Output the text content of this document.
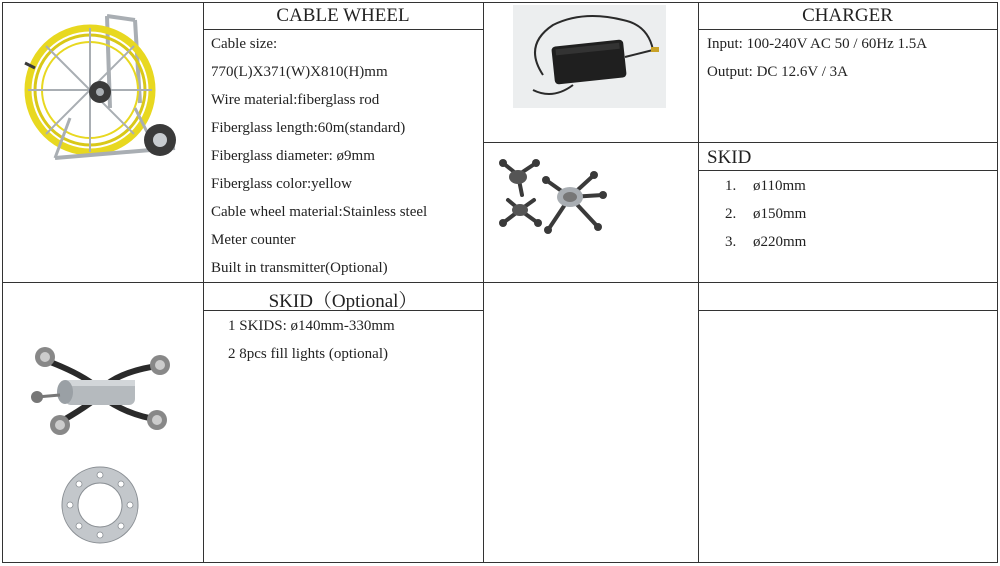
CABLE WHEEL
Cable size:
770(L)X371(W)X810(H)mm
Wire material:fiberglass rod
Fiberglass length:60m(standard)
Fiberglass diameter: ø9mm
Fiberglass color:yellow
Cable wheel material:Stainless steel
Meter counter
Built in transmitter(Optional)
CHARGER
Input: 100-240V AC 50 / 60Hz 1.5A
Output: DC 12.6V / 3A
SKID
1. ø110mm
2. ø150mm
3. ø220mm
SKID（Optional）
1 SKIDS: ø140mm-330mm
2 8pcs fill lights (optional)
